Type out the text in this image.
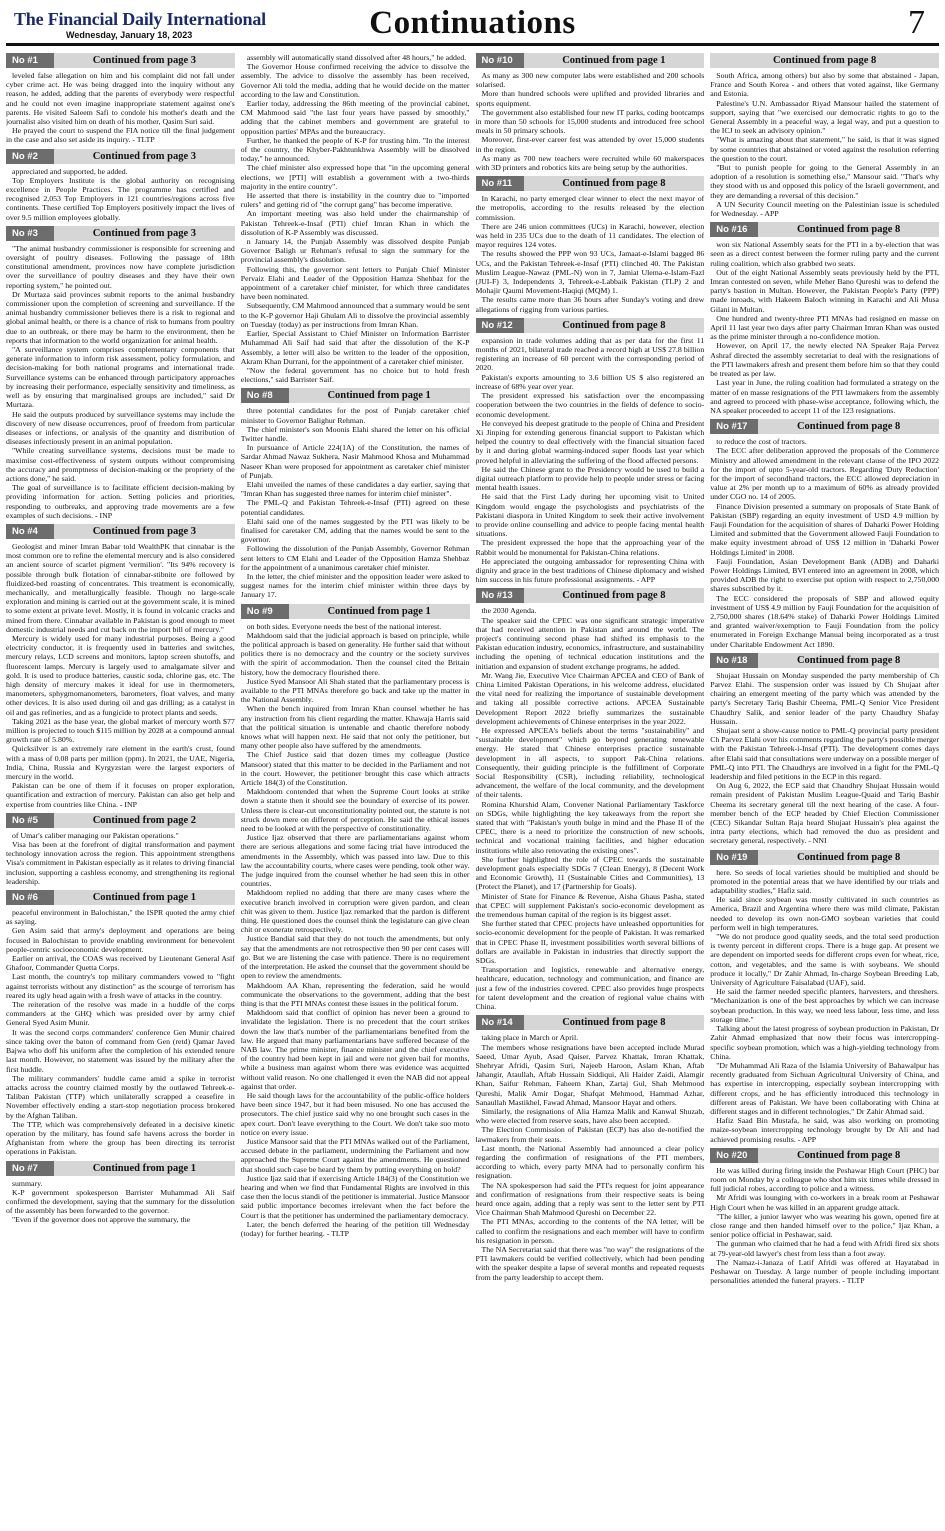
The Financial Daily International
Wednesday, January 18, 2023	Continuations	7
No #1	Continued from page 3

leveled false allegation on him and his complaint did not fall under cyber crime act. He was being dragged into the inquiry without any reason, he added, adding that the parents of everybody were respectful and he could not even imagine inappropriate statement against one's parents. He visited Saleem Safi to condole his mother's death and the journalist also visited him on death of his mother, Qasim Suri said.

He prayed the court to suspend the FIA notice till the final judgement in the case and also set aside its inquiry. - TLTP

No #2	Continued from page 3

appreciated and supported, he added.

Top Employers Institute is the global authority on recognising excellence in People Practices. The programme has certified and recognised 2,053 Top Employers in 121 countries/regions across five continents. These certified Top Employers positively impact the lives of over 9.5 million employees globally.

No #3	Continued from page 3

"The animal husbandry commissioner is responsible for screening and oversight of poultry diseases. Following the passage of 18th constitutional amendment, provinces now have complete jurisdiction over the surveillance of poultry diseases and they have their own reporting system," he pointed out.

Dr Murtaza said provinces submit reports to the animal husbandry commissioner upon the completion of screening and surveillance. If the animal husbandry commissioner believes there is a risk to regional and global animal health, or there is a chance of risk to humans from poultry due to an outbreak, or there may be harm to the environment, then he reports that information to the world organization for animal health.

"A surveillance system comprises complementary components that generate information to inform risk assessment, policy formulation, and decision-making for both national programs and international trade. Surveillance systems can be enhanced through participatory approaches by increasing their performance, especially sensitivity and timeliness, as well as by ensuring that marginalised groups are included," said Dr Murtaza.

He said the outputs produced by surveillance systems may include the discovery of new disease occurrences, proof of freedom from particular diseases or infections, or analysis of the quantity and distribution of diseases infectiously present in an animal population.

"While creating surveillance systems, decisions must be made to maximise cost-effectiveness of system outputs without compromising the accuracy and promptness of decision-making or the propriety of the actions done," he said.

The goal of surveillance is to facilitate efficient decision-making by providing information for action. Setting policies and priorities, responding to outbreaks, and approving trade movements are a few examples of such decisions. - INP

No #4	Continued from page 3

Geologist and miner Imran Babar told WealthPK that cinnabar is the most common ore to refine the elemental mercury and is also considered an ancient source of scarlet pigment 'vermilion'. "Its 94% recovery is possible through bulk flotation of cinnabar-stibnite ore followed by fluidized-bed roasting of concentrates. This treatment is economically, mechanically, and metallurgically feasible. Though no large-scale exploration and mining is carried out at the government scale, it is mined to some extent at private level. Mostly, it is found in volcanic cracks and mined from there. Cinnabar available in Pakistan is good enough to meet domestic industrial needs and cut back on the import bill of mercury."

Mercury is widely used for many industrial purposes. Being a good electricity conductor, it is frequently used in batteries and switches, mercury relays, LCD screens and monitors, laptop screen shutoffs, and fluorescent lamps. Mercury is largely used to amalgamate silver and gold. It is used to produce batteries, caustic soda, chlorine gas, etc. The high density of mercury makes it ideal for use in thermometers, manometers, sphygmomanometers, barometers, float valves, and many other devices. It is also used during oil and gas drilling; as a catalyst in oil and gas refineries, and as a fungicide to protect plants and seeds.

Taking 2021 as the base year, the global market of mercury worth $77 million is projected to touch $115 million by 2028 at a compound annual growth rate of 5.80%.

Quicksilver is an extremely rare element in the earth's crust, found with a mass of 0.08 parts per million (ppm). In 2021, the UAE, Nigeria, India, China, Russia and Kyrgyzstan were the largest exporters of mercury in the world.

Pakistan can be one of them if it focuses on proper exploration, quantification and extraction of mercury. Pakistan can also get help and expertise from countries like China. - INP

No #5	Continued from page 2

of Umar's caliber managing our Pakistan operations."

Visa has been at the forefront of digital transformation and payment technology innovation across the region. This appointment strengthens Visa's commitment in Pakistan especially as it relates to driving financial inclusion, supporting a cashless economy, and strengthening its regional leadership.

No #6	Continued from page 1

peaceful environment in Balochistan," the ISPR quoted the army chief as saying.

Gen Asim said that army's deployment and operations are being focused in Balochistan to provide enabling environment for benevolent people-centric socioeconomic development.

Earlier on arrival, the COAS was received by Lieutenant General Asif Ghafoor, Commander Quetta Corps.

Last month, the country's top military commanders vowed to "fight against terrorists without any distinction" as the scourge of terrorism has reared its ugly head again with a fresh wave of attacks in the country.

The reiteration of the resolve was made in a huddle of the corps commanders at the GHQ which was presided over by army chief General Syed Asim Munir.

It was the second corps commanders' conference Gen Munir chaired since taking over the baton of command from Gen (retd) Qamar Javed Bajwa who doff his uniform after the completion of his extended tenure last month. However, no statement was issued by the military after the first huddle.

The military commanders' huddle came amid a spike in terrorist attacks across the country claimed mostly by the outlawed Tehreek-e-Taliban Pakistan (TTP) which unilaterally scrapped a ceasefire in November effectively ending a start-stop negotiation process brokered by the Afghan Taliban.

The TTP, which was comprehensively defeated in a decisive kinetic operation by the military, has found safe havens across the border in Afghanistan from where the group has been directing its terrorist operations in Pakistan.

No #7	Continued from page 1

summary.

K-P government spokesperson Barrister Muhammad Ali Saif confirmed the development, saying that the summary for the dissolution of the assembly has been forwarded to the governor.

"Even if the governor does not approve the summary, the

assembly will automatically stand dissolved after 48 hours," he added.

The Governor House confirmed receiving the advice to dissolve the assembly. The advice to dissolve the assembly has been received, Governor Ali told the media, adding that he would decide on the matter according to the law and Constitution.

Earlier today, addressing the 86th meeting of the provincial cabinet, CM Mahmood said "the last four years have passed by smoothly," adding that the cabinet members and government are grateful to opposition parties' MPAs and the bureaucracy.

Further, he thanked the people of K-P for trusting him. "In the interest of the country, the Khyber-Pakhtunkhwa Assembly will be dissolved today," he announced.

The chief minister also expressed hope that "in the upcoming general elections, we [PTI] will establish a government with a two-thirds majority in the entire country".

He asserted that there is instability in the country due to "imported rulers" and getting rid of "the corrupt gang" has become imperative.

An important meeting was also held under the chairmanship of Pakistan Tehreek-e-Insaf (PTI) chief Imran Khan in which the dissolution of K-P Assembly was discussed.

n January 14, the Punjab Assembly was dissolved despite Punjab Governor Baligh ur Rehman's refusal to sign the summary for the provincial assembly's dissolution.

Following this, the governor sent letters to Punjab Chief Minister Pervaiz Elahi and Leader of the Opposition Hamza Shehbaz for the appointment of a caretaker chief minister, for which three candidates have been nominated.

Subsequently, CM Mahmood announced that a summary would be sent to the K-P governor Haji Ghulam Ali to dissolve the provincial assembly on Tuesday (today) as per instructions from Imran Khan.

Earlier, Special Assistant to Chief Minister on Information Barrister Muhammad Ali Saif had said that after the dissolution of the K-P Assembly, a letter will also be written to the leader of the opposition, Akram Khan Durrani, for the appointment of a caretaker chief minister.

"Now the federal government has no choice but to hold fresh elections," said Barrister Saif.

No #8	Continued from page 1

three potential candidates for the post of Punjab caretaker chief minister to Governor Balighur Rehman.

The chief minister's son Moonis Elahi shared the letter on his official Twitter handle.

In pursuance of Article 224(1A) of the Constitution, the names of Sardar Ahmad Nawaz Sukhera, Nasir Mahmood Khosa and Muhammad Naseer Khan were proposed for appointment as caretaker chief minister of Punjab.

Elahi unveiled the names of these candidates a day earlier, saying that "Imran Khan has suggested three names for interim chief minister".

The PML-Q and Pakistan Tehreek-e-Insaf (PTI) agreed on these potential candidates.

Elahi said one of the names suggested by the PTI was likely to be finalised for caretaker CM, adding that the names would be sent to the governor.

Following the dissolution of the Punjab Assembly, Governor Rehman sent letters to CM Elahi and Leader of the Opposition Hamza Shehbaz for the appointment of a unanimous caretaker chief minister.

In the letter, the chief minister and the opposition leader were asked to suggest names for the interim chief minister within three days by January 17.

No #9	Continued from page 1

on both sides. Everyone needs the best of the national interest.

Makhdoom said that the judicial approach is based on principle, while the political approach is based on generality. He further said that without politics there is no democracy and the country or the society survives with the spirit of accommodation. Then the counsel cited the Britain history, how the democracy flourished there.

Justice Syed Mansoor Ali Shah stated that the parliamentary process is available to the PTI MNAs therefore go back and take up the matter in the National Assembly.

When the bench inquired from Imran Khan counsel whether he has any instruction from his client regarding the matter. Khawaja Harris said that the political situation is untenable and chaotic therefore nobody knows what will happen next. He said that not only the petitioner, but many other people also have suffered by the amendments.

The Chief Justice said that dozen times my colleague (Justice Mansoor) stated that this matter to be decided in the Parliament and not in the court. However, the petitioner brought this case which attracts Article 184(3) of the Constitution.

Makhdoom contended that when the Supreme Court looks at strike down a statute then it should see the boundary of exercise of its power. Unless there is clear-cut unconstitutionality pointed out, the statute is not struck down mere on different of perception. He said the ethical issues need to be looked at with the perspective of constitutionality.

Justice Ijaz observed that there are parliamentarians against whom there are serious allegations and some facing trial have introduced the amendments in the Assembly, which was passed into law. Due to this law the accountability courts, where cases were pending, took other way. The judge inquired from the counsel whether he had seen this in other countries.

Makhdoom replied no adding that there are many cases where the executive branch involved in corruption were given pardon, and clean chit was given to them. Justice Ijaz remarked that the pardon is different thing. He questioned does the counsel think the legislature can give clean chit or exonerate retrospectively.

Justice Bandial said that they do not touch the amendments, but only say that the amendments are not retrospective then 90 per cent cases will go. But we are listening the case with patience. There is no requirement of the interpretation. He asked the counsel that the government should be open to review the amendments.

Makhdoom AA Khan, representing the federation, said he would communicate the observations to the government, adding that the best thing is that the PTI MNAs contest these issues in the political forum.

Makhdoom said that conflict of opinion has never been a ground to invalidate the legislation. There is no precedent that the court strikes down the law that's number of the parliamentarians benefited from the law. He argued that many parliamentarians have suffered because of the NAB law. The prime minister, finance minister and the chief executive of the country had been kept in jail and were not given bail for months, while a business man against whom there was evidence was acquitted without valid reason. No one challenged it even the NAB did not appeal against that order.

He said though laws for the accountability of the public-office holders have been since 1947, but it had been misused. No one has accused the prosecutors. The chief justice said why no one brought such cases in the apex court. Don't leave everything to the Court. We don't take suo moto notice on every issue.

Justice Mansoor said that the PTI MNAs walked out of the Parliament, accused debate in the parliament, undermining the Parliament and now approached the Supreme Court against the amendments. He questioned that should such case be heard by them by putting everything on hold?

Justice Ijaz said that if exercising Article 184(3) of the Constitution we hearing and when we find that Fundamental Rights are involved in this case then the locus standi of the petitioner is immaterial. Justice Mansoor said public importance becomes irrelevant when the fact before the Court is that the petitioner has undermined the parliamentary democracy.

Later, the bench deferred the hearing of the petition till Wednesday (today) for further hearing. - TLTP

No #10	Continued from page 1

As many as 300 new computer labs were established and 200 schools solarised.

More than hundred schools were uplifted and provided libraries and sports equipment.

The government also established four new IT parks, coding bootcamps in more than 50 schools for 15,000 students and introduced free school meals in 50 primary schools.

Moreover, first-ever career fest was attended by over 15,000 students in the region.

As many as 700 new teachers were recruited while 60 makerspaces with 3D printers and robotics kits are being setup by the authorities.

No #11	Continued from page 8

In Karachi, no party emerged clear winner to elect the next mayor of the metropolis, according to the results released by the election commission.

There are 246 union committees (UCs) in Karachi, however, election was held in 235 UCs due to the death of 11 candidates. The election of mayor requires 124 votes.

The results showed the PPP won 93 UCs, Jamaat-e-Islami bagged 86 UCs, and the Pakistan Tehreek-e-Insaf (PTI) clinched 40. The Pakistan Muslim League-Nawaz (PML-N) won in 7, Jamiat Ulema-e-Islam-Fazl (JUI-F) 3, Independents 3, Tehreek-e-Labbaik Pakistan (TLP) 2 and Mohajir Qaumi Movement-Haqiqi (MQM) 1.

The results came more than 36 hours after Sunday's voting and drew allegations of rigging from various parties.

No #12	Continued from page 8

expansion in trade volumes adding that as per data for the first 11 months of 2021, bilateral trade reached a record high at US$ 27.8 billion registering an increase of 60 percent with the corresponding period of 2020.

Pakistan's exports amounting to 3.6 billion US $ also registered an increase of 68% year over year.

The president expressed his satisfaction over the encompassing cooperation between the two countries in the fields of defence to socio-economic development.

He conveyed his deepest gratitude to the people of China and President Xi Jinping for extending generous financial support to Pakistan which helped the country to deal effectively with the financial situation faced by it and during global warming-induced super floods last year which proved helpful in alleviating the suffering of the flood affected persons.

He said the Chinese grant to the Presidency would be used to build a digital outreach platform to provide help to people under stress or facing mental health issues.

He said that the First Lady during her upcoming visit to United Kingdom would engage the psychologists and psychiatrists of the Pakistani diaspora in United Kingdom to seek their active involvement to provide online counselling and advice to people facing mental health situations.

The president expressed the hope that the approaching year of the Rabbit would be monumental for Pakistan-China relations.

He appreciated the outgoing ambassador for representing China with dignity and grace in the best traditions of Chinese diplomacy and wished him success in his future professional assignments. - APP

No #13	Continued from page 8

the 2030 Agenda.

The speaker said the CPEC was one significant strategic imperative that had received attention in Pakistan and around the world. The project's continuing second phase had shifted its emphasis to the Pakistan education industry, economics, infrastructure, and sustainability including the opening of technical education institutions and the initiation and expansion of student exchange programs, he added.

Mr. Wang Jie, Executive Vice Chairman APCEA and CEO of Bank of China Limited Pakistan Operations, in his welcome address, elucidated the vital need for realizing the importance of sustainable development and taking all possible corrective actions. APCEA Sustainable Development Report 2022 briefly summarizes the sustainable development achievements of Chinese enterprises in the year 2022.

He expressed APCEA's beliefs about the terms "sustainability" and "sustainable development" which go beyond generating renewable energy. He stated that Chinese enterprises practice sustainable development in all aspects, to support Pak-China relations. Consequently, their guiding principle is the fulfillment of Corporate Social Responsibility (CSR), including reliability, technological advancement, the welfare of the local community, and the development of their talents.

Romina Khurshid Alam, Convener National Parliamentary Taskforce on SDGs, while highlighting the key takeaways from the report she stated that with "Pakistan's youth bulge in mind and the Phase II of the CPEC, there is a need to prioritize the construction of new schools, technical and vocational training facilities, and higher education institutions while also renovating the existing ones".

She further highlighted the role of CPEC towards the sustainable development goals especially SDGs 7 (Clean Energy), 8 (Decent Work and Economic Growth), 11 (Sustainable Cities and Communities), 13 (Protect the Planet), and 17 (Partnership for Goals).

Minister of State for Finance & Revenue, Aisha Ghaus Pasha, stated that CPEC will supplement Pakistan's socio-economic development as the tremendous human capital of the region is its biggest asset.

She further stated that CPEC projects have unleashed opportunities for socio-economic development for the people of Pakistan. It was remarked that in CPEC Phase II, investment possibilities worth several billions of dollars are available in Pakistan in industries that directly support the SDGs.

Transportation and logistics, renewable and alternative energy, healthcare, education, technology and communication, and finance are just a few of the industries covered. CPEC also provides huge prospects for talent development and the creation of regional value chains with China.

No #14	Continued from page 8

taking place in March or April.

The members whose resignations have been accepted include Murad Saeed, Umar Ayub, Asad Qaiser, Parvez Khattak, Imran Khattak, Shehryar Afridi, Qasim Suri, Najeeb Haroon, Aslam Khan, Aftab Jahangir, Ataullah, Aftab Hussain Siddiqui, Ali Haider Zaidi, Alamgir Khan, Saifur Rehman, Faheem Khan, Zartaj Gul, Shah Mehmood Qureshi, Malik Amir Dogar, Shafqat Mehmood, Hammad Azhar, Sanaullah Mastikhel, Fawad Ahmad, Mansoor Hayat and others.

Similarly, the resignations of Alia Hamza Malik and Kanwal Shuzab, who were elected from reserve seats, have also been accepted.

The Election Commission of Pakistan (ECP) has also de-notified the lawmakers from their seats.

Last month, the National Assembly had announced a clear policy regarding the confirmation of resignations of the PTI members, according to which, every party MNA had to personally confirm his resignation.

The NA spokesperson had said the PTI's request for joint appearance and confirmation of resignations from their respective seats is being heard once again, adding that a reply was sent to the letter sent by PTI Vice Chairman Shah Mahmood Qureshi on December 22.

The PTI MNAs, according to the contents of the NA letter, will be called to confirm the resignations and each member will have to confirm his resignation in person.

The NA Secretariat said that there was "no way" the resignations of the PTI lawmakers could be verified collectively, which had been pending with the speaker despite a lapse of several months and repeated requests from the party leadership to accept them.

Continued from page 8

South Africa, among others) but also by some that abstained - Japan, France and South Korea - and others that voted against, like Germany and Estonia.

Palestine's U.N. Ambassador Riyad Mansour hailed the statement of support, saying that "we exercised our democratic rights to go to the General Assembly in a peaceful way, a legal way, and put a question to the ICJ to seek an advisory opinion."

"What is amazing about that statement," he said, is that it was signed by some countries that abstained or voted against the resolution referring the question to the court.

"But to punish people for going to the General Assembly in an adoption of a resolution is something else," Mansour said. "That's why they stood with us and opposed this policy of the Israeli government, and they are demanding a reversal of this decision."

A UN Security Council meeting on the Palestinian issue is scheduled for Wednesday. - APP

No #16	Continued from page 8

won six National Assembly seats for the PTI in a by-election that was seen as a direct contest between the former ruling party and the current ruling coalition, which also grabbed two seats.

Out of the eight National Assembly seats previously held by the PTI, Imran contested on seven, while Meher Bano Qureshi was to defend the party's bastion in Multan. However, the Pakistan People's Party (PPP) made inroads, with Hakeem Baloch winning in Karachi and Ali Musa Gilani in Multan.

One hundred and twenty-three PTI MNAs had resigned en masse on April 11 last year two days after party Chairman Imran Khan was ousted as the prime minister through a no-confidence motion.

However, on April 17, the newly elected NA Speaker Raja Pervez Ashraf directed the assembly secretariat to deal with the resignations of the PTI lawmakers afresh and present them before him so that they could be treated as per law.

Last year in June, the ruling coalition had formulated a strategy on the matter of en masse resignations of the PTI lawmakers from the assembly and agreed to proceed with phase-wise acceptance, following which, the NA speaker proceeded to accept 11 of the 123 resignations.

No #17	Continued from page 8

to reduce the cost of tractors.

The ECC after deliberation approved the proposals of the Commerce Ministry and allowed amendment in the relevant clause of the IPO 2022 for the import of upto 5-year-old tractors. Regarding 'Duty Reduction' for the import of secondhand tractors, the ECC allowed depreciation in value at 2% per month up to a maximum of 60% as already provided under CGO no. 14 of 2005.

Finance Division presented a summary on proposals of State Bank of Pakistan (SBP) regarding an equity investment of USD 4.9 million by Fauji Foundation for the acquisition of shares of Daharki Power Holding Limited and submitted that the Government allowed Fauji Foundation to make equity investment abroad of US$ 12 million in 'Daharki Power Holdings Limited' in 2008.

Fauji Foundation, Asian Development Bank (ADB) and Daharki Power Holdings Limited, BVI entered into an agreement in 2008, which provided ADB the right to exercise put option with respect to 2,750,000 shares subscribed by it.

The ECC considered the proposals of SBP and allowed equity investment of US$ 4.9 million by Fauji Foundation for the acquisition of 2,750,000 shares (18.64% stake) of Daharki Power Holdings Limited and granted waiver/exemption to Fauji Foundation from the policy enumerated in Foreign Exchange Manual being incorporated as a trust under Charitable Endowment Act 1890.

No #18	Continued from page 8

Shujaat Hussain on Monday suspended the party membership of Ch Parvez Elahi. The suspension order was issued by Ch Shujaat after chairing an emergent meeting of the party which was attended by the party's Secretary Tariq Bashir Cheema, PML-Q Senior Vice President Chaudhry Salik, and senior leader of the party Chaudhry Shafay Hussain.

Shujaat sent a show-cause notice to PML-Q provincial party president Ch Parvez Elahi over his comments regarding the party's possible merger with the Pakistan Tehreek-i-Insaf (PTI). The development comes days after Elahi said that consultations were underway on a possible merger of PML-Q into PTI. The Chaudhrys are involved in a fight for the PML-Q leadership and filed petitions in the ECP in this regard.

On Aug 6, 2022, the ECP said that Chaudhry Shujaat Hussain would remain president of Pakistan Muslim League-Quaid and Tariq Bashir Cheema its secretary general till the next hearing of the case. A four-member bench of the ECP headed by Chief Election Commissioner (CEC) Sikandar Sultan Raja heard Shujaat Hussain's plea against the intra party elections, which had removed the duo as president and secretary general, respectively. - NNI

No #19	Continued from page 8

here. So seeds of local varieties should be multiplied and should be promoted in the potential areas that we have identified by our trials and adaptability studies," Hafiz said.

He said since soybean was mostly cultivated in such countries as America, Brazil and Argentina where there was mild climate, Pakistan needed to develop its own non-GMO soybean varieties that could perform well in high temperatures.

"We do not produce good quality seeds, and the total seed production is twenty percent in different crops. There is a huge gap. At present we are dependent on imported seeds for different crops even for wheat, rice, cotton, and vegetables, and the same is with soybeans. We should produce it locally," Dr Zahir Ahmad, In-charge Soybean Breeding Lab, University of Agriculture Faisalabad (UAF), said.

He said the farmer needed specific planters, harvesters, and threshers. "Mechanization is one of the best approaches by which we can increase soybean production. In this way, we need less labour, less time, and less storage time."

Talking about the latest progress of soybean production in Pakistan, Dr Zahir Ahmad emphasized that now their focus was intercropping-specific soybean promotion, which was a high-yielding technology from China.

"Dr Muhammad Ali Raza of the Islamia University of Bahawalpur has recently graduated from Sichuan Agricultural University of China, and has expertise in intercropping, especially soybean intercropping with different crops, and he has efficiently introduced this technology in different areas of Pakistan. We have been collaborating with China at different stages and in different technologies," Dr Zahir Ahmad said.

Hafiz Saad Bin Mustafa, he said, was also working on promoting maize-soybean intercropping technology brought by Dr Ali and had achieved promising results. - APP

No #20	Continued from page 8

He was killed during firing inside the Peshawar High Court (PHC) bar room on Monday by a colleague who shot him six times while dressed in full judicial robes, according to police and a witness.

Mr Afridi was lounging with co-workers in a break room at Peshawar High Court when he was killed in an apparent grudge attack.

"The killer, a junior lawyer who was wearing his gown, opened fire at close range and then handed himself over to the police," Ijaz Khan, a senior police official in Peshawar, said.

The gunman who claimed that he had a feud with Afridi fired six shots at 79-year-old lawyer's chest from less than a foot away.

The Namaz-i-Janaza of Latif Afridi was offered at Hayatabad in Peshawar on Tuesday. A large number of people including important personalities attended the funeral prayers. - TLTP
